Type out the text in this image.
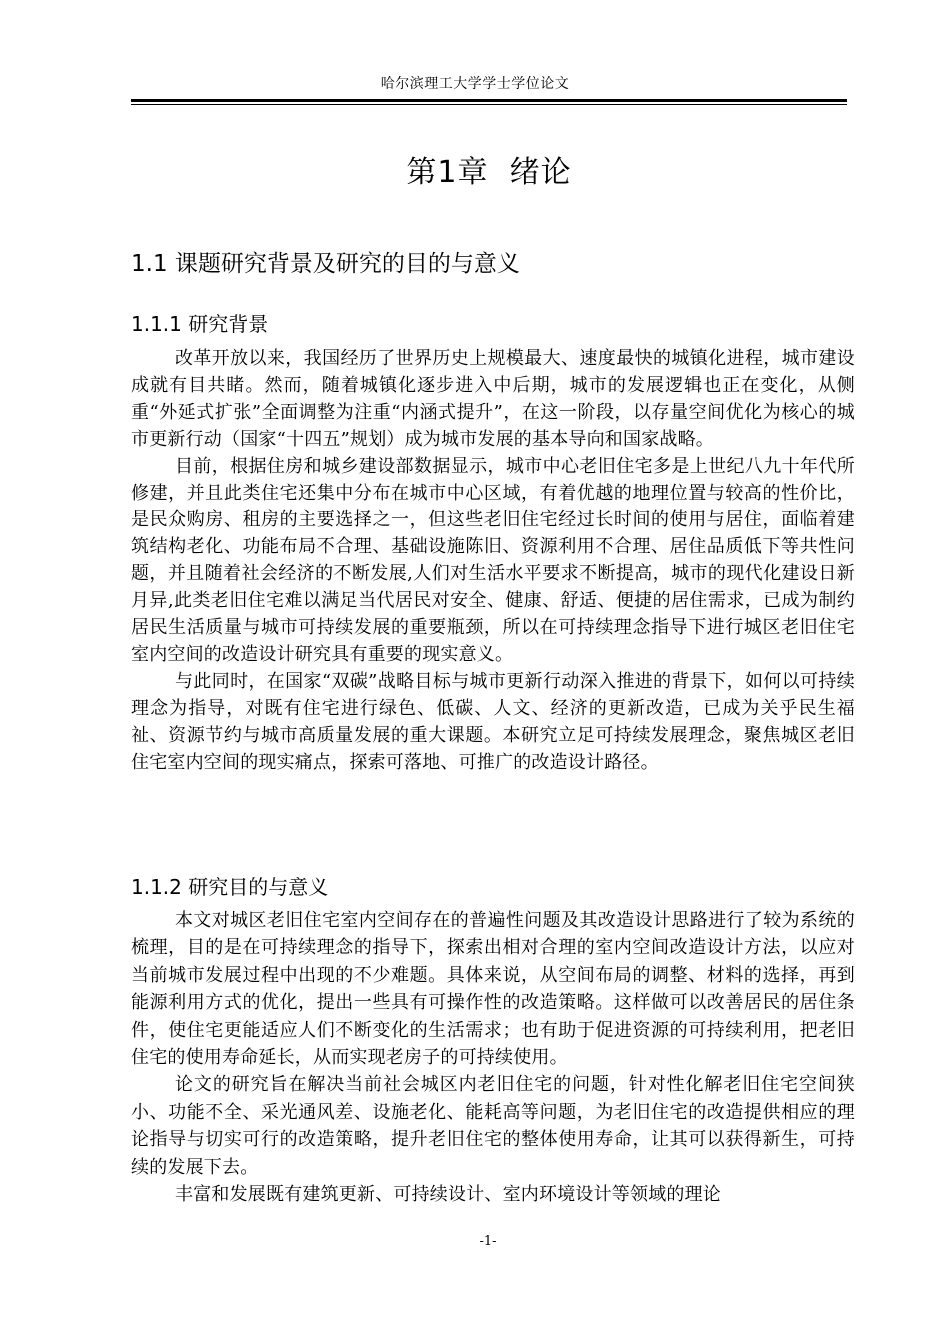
哈尔滨理工大学学士学位论文
第1章 绪论
1.1 课题研究背景及研究的目的与意义
1.1.1 研究背景

改革开放以来，我国经历了世界历史上规模最大、速度最快的城镇化进程，城市建设成就有目共睹。然而，随着城镇化逐步进入中后期，城市的发展逻辑也正在变化，从侧重“外延式扩张”全面调整为注重“内涵式提升”，在这一阶段，以存量空间优化为核心的城市更新行动（国家“十四五”规划）成为城市发展的基本导向和国家战略。

目前，根据住房和城乡建设部数据显示，城市中心老旧住宅多是上世纪八九十年代所修建，并且此类住宅还集中分布在城市中心区域，有着优越的地理位置与较高的性价比，是民众购房、租房的主要选择之一，但这些老旧住宅经过长时间的使用与居住，面临着建筑结构老化、功能布局不合理、基础设施陈旧、资源利用不合理、居住品质低下等共性问题，并且随着社会经济的不断发展,人们对生活水平要求不断提高，城市的现代化建设日新月异,此类老旧住宅难以满足当代居民对安全、健康、舒适、便捷的居住需求，已成为制约居民生活质量与城市可持续发展的重要瓶颈，所以在可持续理念指导下进行城区老旧住宅室内空间的改造设计研究具有重要的现实意义。

与此同时，在国家“双碳”战略目标与城市更新行动深入推进的背景下，如何以可持续理念为指导，对既有住宅进行绿色、低碳、人文、经济的更新改造，已成为关乎民生福祉、资源节约与城市高质量发展的重大课题。本研究立足可持续发展理念，聚焦城区老旧住宅室内空间的现实痛点，探索可落地、可推广的改造设计路径。

1.1.2 研究目的与意义

本文对城区老旧住宅室内空间存在的普遍性问题及其改造设计思路进行了较为系统的梳理，目的是在可持续理念的指导下，探索出相对合理的室内空间改造设计方法，以应对当前城市发展过程中出现的不少难题。具体来说，从空间布局的调整、材料的选择，再到能源利用方式的优化，提出一些具有可操作性的改造策略。这样做可以改善居民的居住条件，使住宅更能适应人们不断变化的生活需求；也有助于促进资源的可持续利用，把老旧住宅的使用寿命延长，从而实现老房子的可持续使用。

论文的研究旨在解决当前社会城区内老旧住宅的问题，针对性化解老旧住宅空间狭小、功能不全、采光通风差、设施老化、能耗高等问题，为老旧住宅的改造提供相应的理论指导与切实可行的改造策略，提升老旧住宅的整体使用寿命，让其可以获得新生，可持续的发展下去。

丰富和发展既有建筑更新、可持续设计、室内环境设计等领域的理论

-1-
